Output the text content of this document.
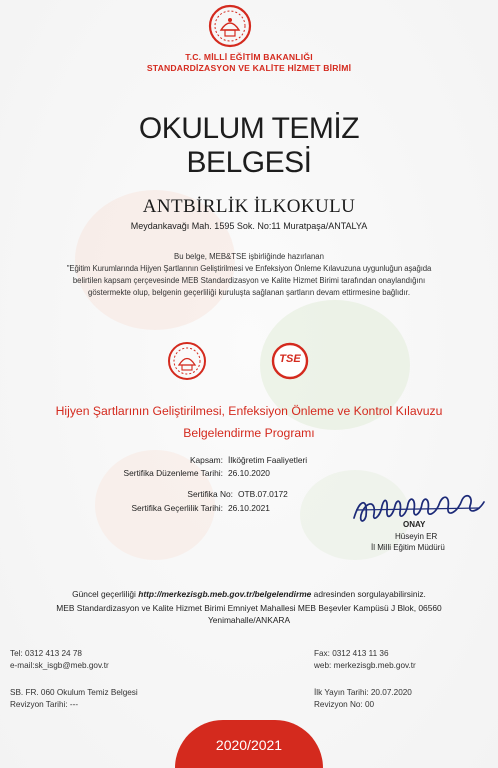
T.C. MİLLİ EĞİTİM BAKANLIĞI
STANDARDİZASYON VE KALİTE HİZMET BİRİMİ
OKULUM TEMİZ
BELGESİ
ANTBİRLİK İLKOKULU
Meydankavağı Mah. 1595 Sok. No:11 Muratpaşa/ANTALYA
Bu belge, MEB&TSE işbirliğinde hazırlanan
"Eğitim Kurumlarında Hijyen Şartlarının Geliştirilmesi ve Enfeksiyon Önleme Kılavuzuna uygunluğun aşağıda
belirtilen kapsam çerçevesinde MEB Standardizasyon ve Kalite Hizmet Birimi tarafından onaylandığını
göstermekte olup, belgenin geçerliliği kuruluşta sağlanan şartların devam ettirmesine bağlıdır.
TSE
Hijyen Şartlarının Geliştirilmesi, Enfeksiyon Önleme ve Kontrol Kılavuzu
Belgelendirme Programı
Kapsam: İlköğretim Faaliyetleri
Sertifika Düzenleme Tarihi: 26.10.2020
Sertifika No: OTB.07.0172
Sertifika Geçerlilik Tarihi: 26.10.2021
ONAY
Hüseyin ER
İl Milli Eğitim Müdürü
Güncel geçerliliği http://merkezisgb.meb.gov.tr/belgelendirme adresinden sorgulayabilirsiniz.
MEB Standardizasyon ve Kalite Hizmet Birimi Emniyet Mahallesi MEB Beşevler Kampüsü J Blok, 06560
Yenimahalle/ANKARA
Tel: 0312 413 24 78
e-mail:sk_isgb@meb.gov.tr
Fax: 0312 413 11 36
web: merkezisgb.meb.gov.tr
SB. FR. 060 Okulum Temiz Belgesi
Revizyon Tarihi: ---
İlk Yayın Tarihi: 20.07.2020
Revizyon No: 00
2020/2021
